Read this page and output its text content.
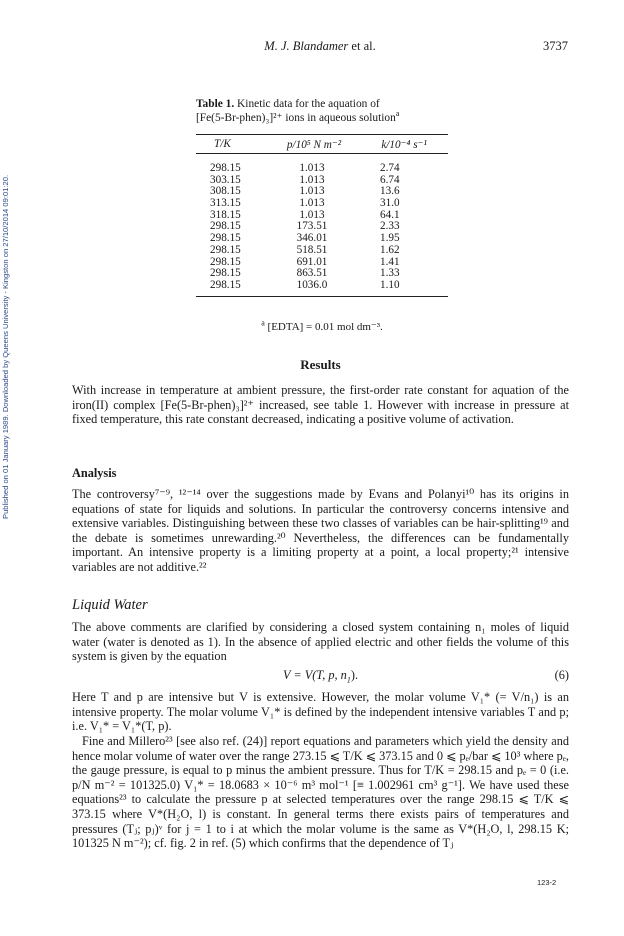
Published on 01 January 1989. Downloaded by Queens University - Kingston on 27/10/2014 09:01:20.
M. J. Blandamer et al.	3737
Table 1. Kinetic data for the aquation of
[Fe(5-Br-phen)₃]²⁺ ions in aqueous solution$^a$
T/K	p/10⁵ N m⁻²	k/10⁻⁴ s⁻¹
298.15	1.013	2.74
303.15	1.013	6.74
308.15	1.013	13.6
313.15	1.013	31.0
318.15	1.013	64.1
298.15	173.51	2.33
298.15	346.01	1.95
298.15	518.51	1.62
298.15	691.01	1.41
298.15	863.51	1.33
298.15	1036.0	1.10
$^a$ [EDTA] = 0.01 mol dm⁻³.
Results
With increase in temperature at ambient pressure, the first-order rate constant for aquation of the iron(II) complex [Fe(5-Br-phen)₃]²⁺ increased, see table 1. However with increase in pressure at fixed temperature, this rate constant decreased, indicating a positive volume of activation.
Analysis
The controversy⁷⁻⁹, ¹²⁻¹⁴ over the suggestions made by Evans and Polanyi¹⁰ has its origins in equations of state for liquids and solutions. In particular the controversy concerns intensive and extensive variables. Distinguishing between these two classes of variables can be hair-splitting¹⁹ and the debate is sometimes unrewarding.²⁰ Nevertheless, the differences can be fundamentally important. An intensive property is a limiting property at a point, a local property;²¹ intensive variables are not additive.²²
Liquid Water
The above comments are clarified by considering a closed system containing n₁ moles of liquid water (water is denoted as 1). In the absence of applied electric and other fields the volume of this system is given by the equation
V = V(T, p, $n_1$).	(6)
Here T and p are intensive but V is extensive. However, the molar volume V₁* (= V/n₁) is an intensive property. The molar volume V₁* is defined by the independent intensive variables T and p; i.e. V₁* = V₁*(T, p).
Fine and Millero²³ [see also ref. (24)] report equations and parameters which yield the density and hence molar volume of water over the range 273.15 ⩽ T/K ⩽ 373.15 and 0 ⩽ pₑ/bar ⩽ 10³ where pₑ, the gauge pressure, is equal to p minus the ambient pressure. Thus for T/K = 298.15 and pₑ = 0 (i.e. p/N m⁻² = 101325.0) V₁* = 18.0683 × 10⁻⁶ m³ mol⁻¹ [≡ 1.002961 cm³ g⁻¹]. We have used these equations²³ to calculate the pressure p at selected temperatures over the range 298.15 ⩽ T/K ⩽ 373.15 where V*(H₂O, l) is constant. In general terms there exists pairs of temperatures and pressures (Tⱼ; pⱼ)ᵛ for j = 1 to i at which the molar volume is the same as V*(H₂O, l, 298.15 K; 101325 N m⁻²); cf. fig. 2 in ref. (5) which confirms that the dependence of Tⱼ
123-2
